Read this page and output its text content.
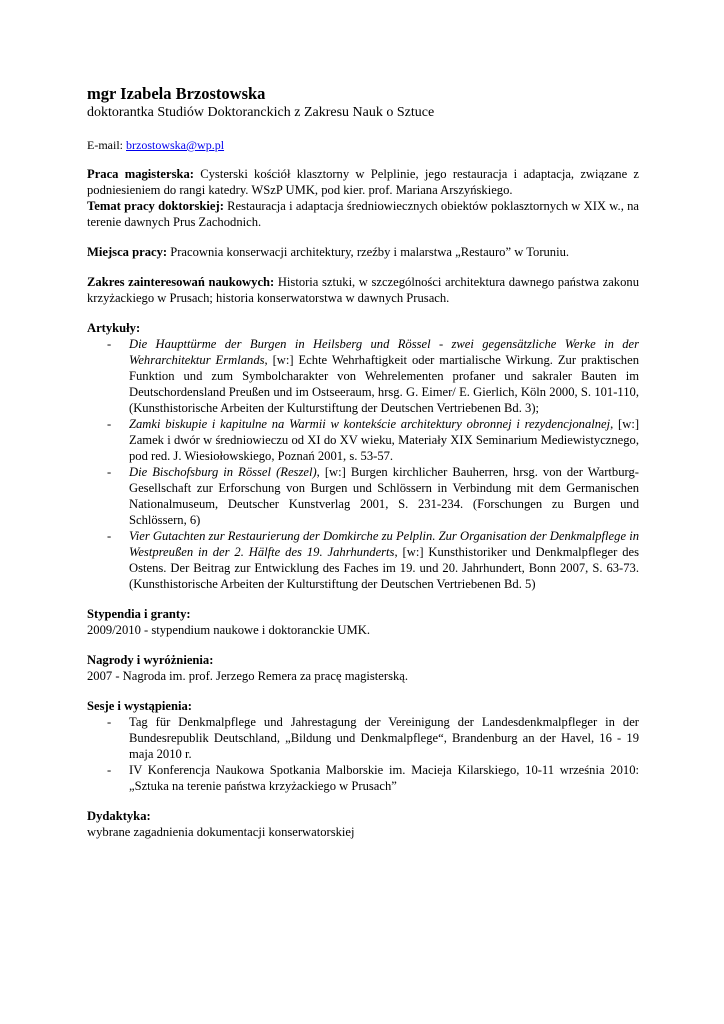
mgr Izabela Brzostowska

doktorantka Studiów Doktoranckich z Zakresu Nauk o Sztuce

E-mail: brzostowska@wp.pl

Praca magisterska: Cysterski kościół klasztorny w Pelplinie, jego restauracja i adaptacja, związane z podniesieniem do rangi katedry. WSzP UMK, pod kier. prof. Mariana Arszyńskiego.

Temat pracy doktorskiej: Restauracja i adaptacja średniowiecznych obiektów poklasztornych w XIX w., na terenie dawnych Prus Zachodnich.

Miejsca pracy: Pracownia konserwacji architektury, rzeźby i malarstwa „Restauro” w Toruniu.

Zakres zainteresowań naukowych: Historia sztuki, w szczególności architektura dawnego państwa zakonu krzyżackiego w Prusach; historia konserwatorstwa w dawnych Prusach.

Artykuły:

- Die Haupttürme der Burgen in Heilsberg und Rössel - zwei gegensätzliche Werke in der Wehrarchitektur Ermlands, [w:] Echte Wehrhaftigkeit oder martialische Wirkung. Zur praktischen Funktion und zum Symbolcharakter von Wehrelementen profaner und sakraler Bauten im Deutschordensland Preußen und im Ostseeraum, hrsg. G. Eimer/ E. Gierlich, Köln 2000, S. 101-110, (Kunsthistorische Arbeiten der Kulturstiftung der Deutschen Vertriebenen Bd. 3);
- Zamki biskupie i kapitulne na Warmii w kontekście architektury obronnej i rezydencjonalnej, [w:] Zamek i dwór w średniowieczu od XI do XV wieku, Materiały XIX Seminarium Mediewistycznego, pod red. J. Wiesiołowskiego, Poznań 2001, s. 53-57.
- Die Bischofsburg in Rössel (Reszel), [w:] Burgen kirchlicher Bauherren, hrsg. von der Wartburg-Gesellschaft zur Erforschung von Burgen und Schlössern in Verbindung mit dem Germanischen Nationalmuseum, Deutscher Kunstverlag 2001, S. 231-234. (Forschungen zu Burgen und Schlössern, 6)
- Vier Gutachten zur Restaurierung der Domkirche zu Pelplin. Zur Organisation der Denkmalpflege in Westpreußen in der 2. Hälfte des 19. Jahrhunderts, [w:] Kunsthistoriker und Denkmalpfleger des Ostens. Der Beitrag zur Entwicklung des Faches im 19. und 20. Jahrhundert, Bonn 2007, S. 63-73. (Kunsthistorische Arbeiten der Kulturstiftung der Deutschen Vertriebenen Bd. 5)

Stypendia i granty:

2009/2010 - stypendium naukowe i doktoranckie UMK.

Nagrody i wyróżnienia:

2007 - Nagroda im. prof. Jerzego Remera za pracę magisterską.

Sesje i wystąpienia:

- Tag für Denkmalpflege und Jahrestagung der Vereinigung der Landesdenkmalpfleger in der Bundesrepublik Deutschland, „Bildung und Denkmalpflege“, Brandenburg an der Havel, 16 - 19 maja 2010 r.
- IV Konferencja Naukowa Spotkania Malborskie im. Macieja Kilarskiego, 10-11 września 2010: „Sztuka na terenie państwa krzyżackiego w Prusach”

Dydaktyka:

wybrane zagadnienia dokumentacji konserwatorskiej
